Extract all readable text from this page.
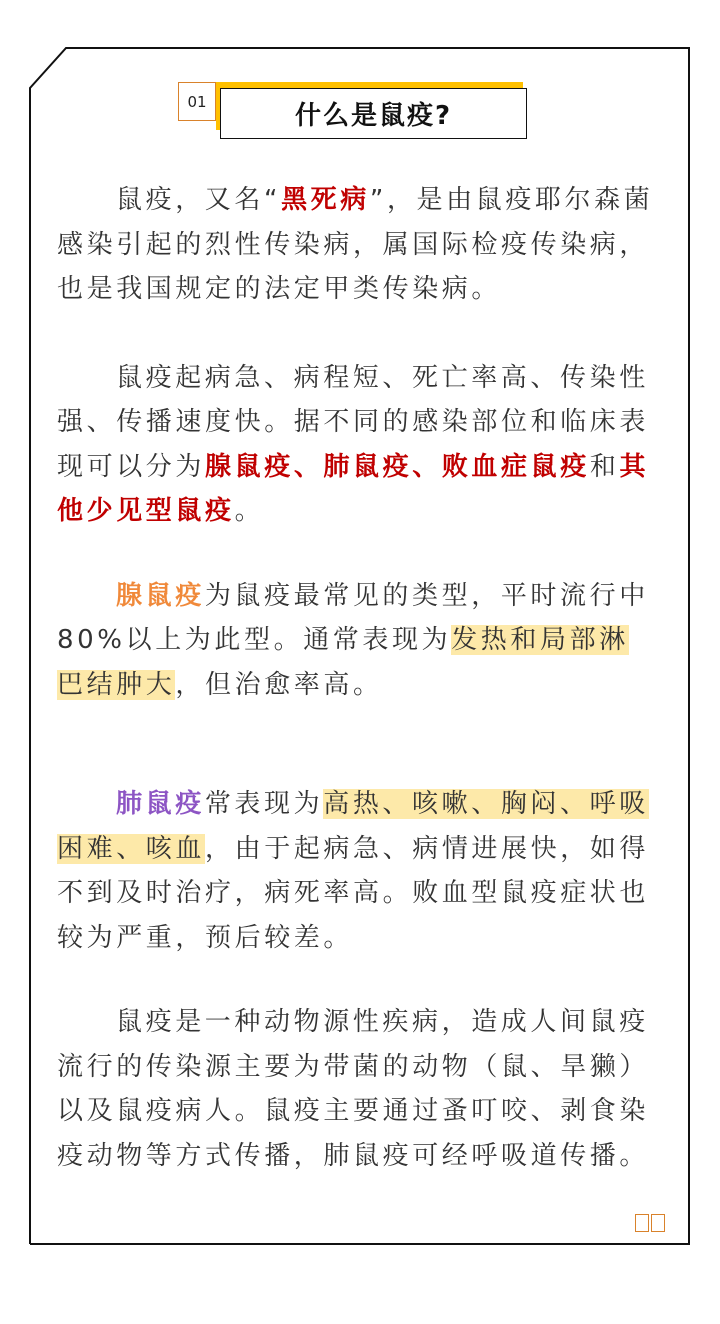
01	什么是鼠疫?

鼠疫，又名“黑死病”，是由鼠疫耶尔森菌感染引起的烈性传染病，属国际检疫传染病，也是我国规定的法定甲类传染病。

鼠疫起病急、病程短、死亡率高、传染性强、传播速度快。据不同的感染部位和临床表现可以分为腺鼠疫、肺鼠疫、败血症鼠疫和其他少见型鼠疫。

腺鼠疫为鼠疫最常见的类型，平时流行中80%以上为此型。通常表现为发热和局部淋巴结肿大，但治愈率高。

肺鼠疫常表现为高热、咳嗽、胸闷、呼吸困难、咳血，由于起病急、病情进展快，如得不到及时治疗，病死率高。败血型鼠疫症状也较为严重，预后较差。

鼠疫是一种动物源性疾病，造成人间鼠疫流行的传染源主要为带菌的动物（鼠、旱獭）以及鼠疫病人。鼠疫主要通过蚤叮咬、剥食染疫动物等方式传播，肺鼠疫可经呼吸道传播。
